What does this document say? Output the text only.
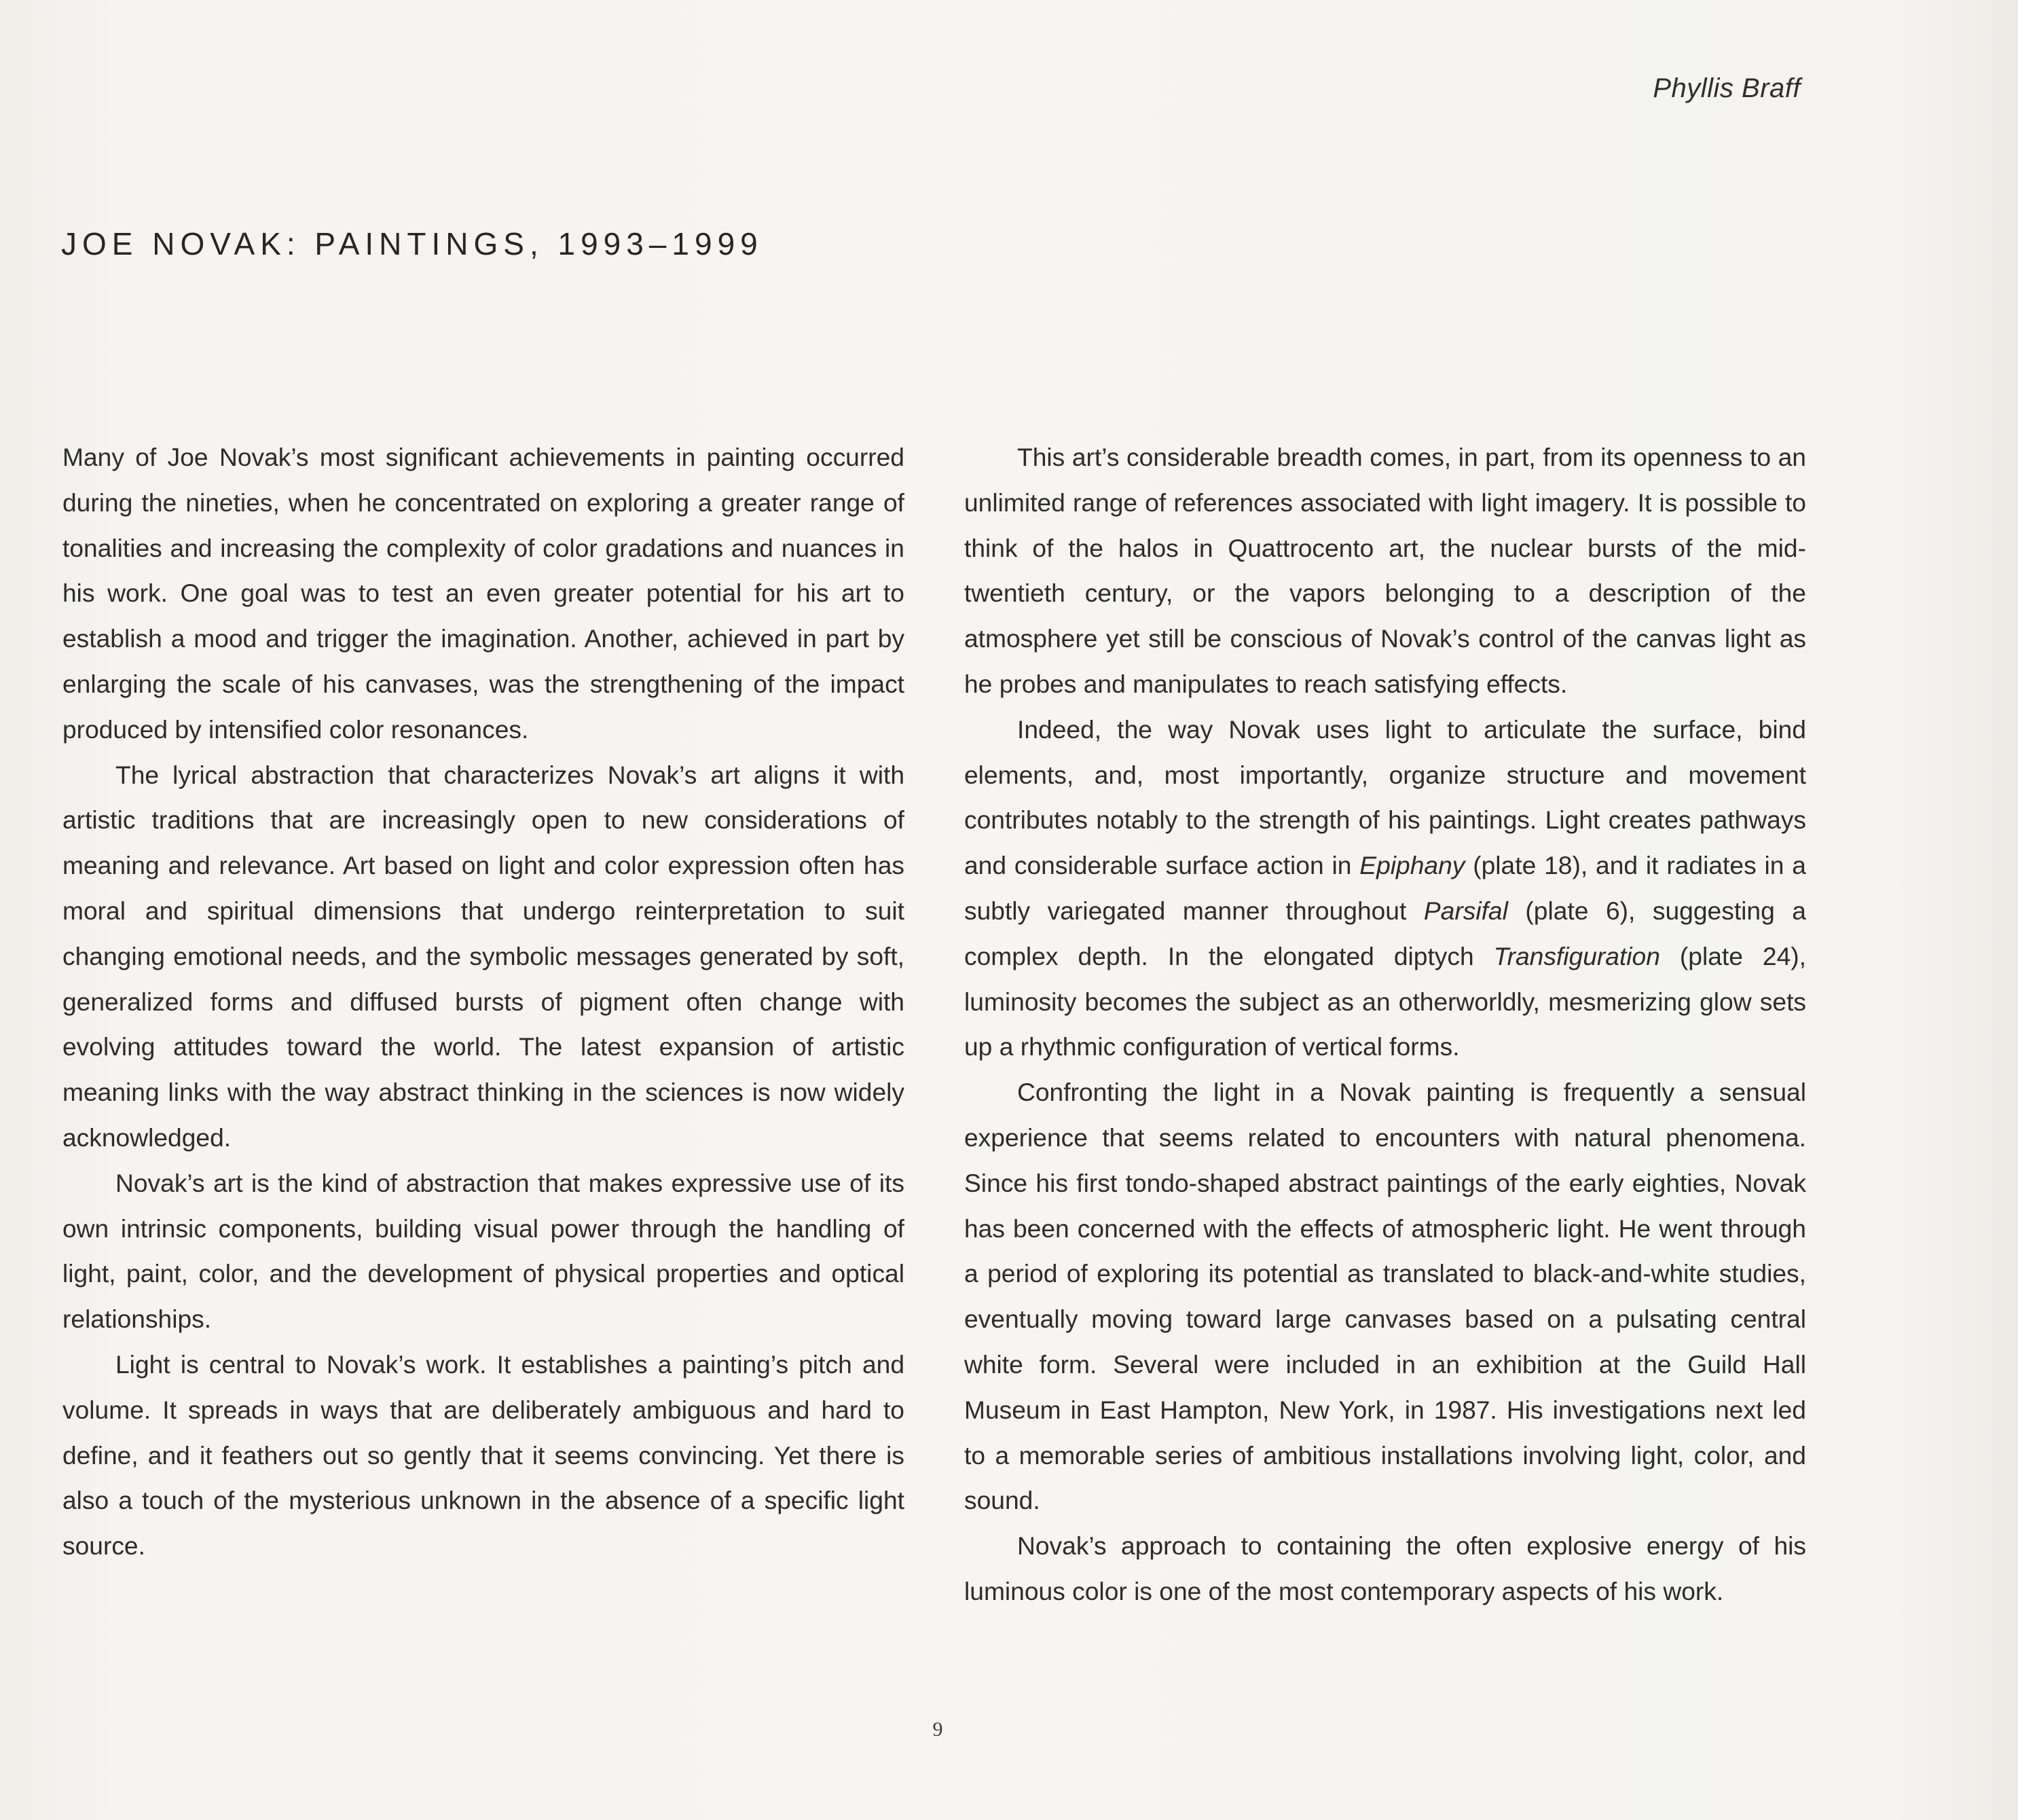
Phyllis Braff
JOE NOVAK: PAINTINGS, 1993–1999

Many of Joe Novak’s most significant achievements in painting occurred during the nineties, when he concentrated on exploring a greater range of tonalities and increasing the complexity of color gradations and nuances in his work. One goal was to test an even greater potential for his art to establish a mood and trigger the imagination. Another, achieved in part by enlarging the scale of his canvases, was the strengthening of the impact produced by intensified color resonances.

The lyrical abstraction that characterizes Novak’s art aligns it with artistic traditions that are increasingly open to new considerations of meaning and relevance. Art based on light and color expression often has moral and spiritual dimensions that undergo reinterpretation to suit changing emotional needs, and the symbolic messages generated by soft, generalized forms and diffused bursts of pigment often change with evolving attitudes toward the world. The latest expansion of artistic meaning links with the way abstract thinking in the sciences is now widely acknowledged.

Novak’s art is the kind of abstraction that makes expressive use of its own intrinsic components, building visual power through the handling of light, paint, color, and the development of physical properties and optical relationships.

Light is central to Novak’s work. It establishes a painting’s pitch and volume. It spreads in ways that are deliberately ambiguous and hard to define, and it feathers out so gently that it seems convincing. Yet there is also a touch of the mysterious unknown in the absence of a specific light source.

This art’s considerable breadth comes, in part, from its openness to an unlimited range of references associated with light imagery. It is possible to think of the halos in Quattrocento art, the nuclear bursts of the mid-twentieth century, or the vapors belonging to a description of the atmosphere yet still be conscious of Novak’s control of the canvas light as he probes and manipulates to reach satisfying effects.

Indeed, the way Novak uses light to articulate the surface, bind elements, and, most importantly, organize structure and movement contributes notably to the strength of his paintings. Light creates pathways and considerable surface action in Epiphany (plate 18), and it radiates in a subtly variegated manner throughout Parsifal (plate 6), suggesting a complex depth. In the elongated diptych Transfiguration (plate 24), luminosity becomes the subject as an otherworldly, mesmerizing glow sets up a rhythmic configuration of vertical forms.

Confronting the light in a Novak painting is frequently a sensual experience that seems related to encounters with natural phenomena. Since his first tondo-shaped abstract paintings of the early eighties, Novak has been concerned with the effects of atmospheric light. He went through a period of exploring its potential as translated to black-and-white studies, eventually moving toward large canvases based on a pulsating central white form. Several were included in an exhibition at the Guild Hall Museum in East Hampton, New York, in 1987. His investigations next led to a memorable series of ambitious installations involving light, color, and sound.

Novak’s approach to containing the often explosive energy of his luminous color is one of the most contemporary aspects of his work.

9
